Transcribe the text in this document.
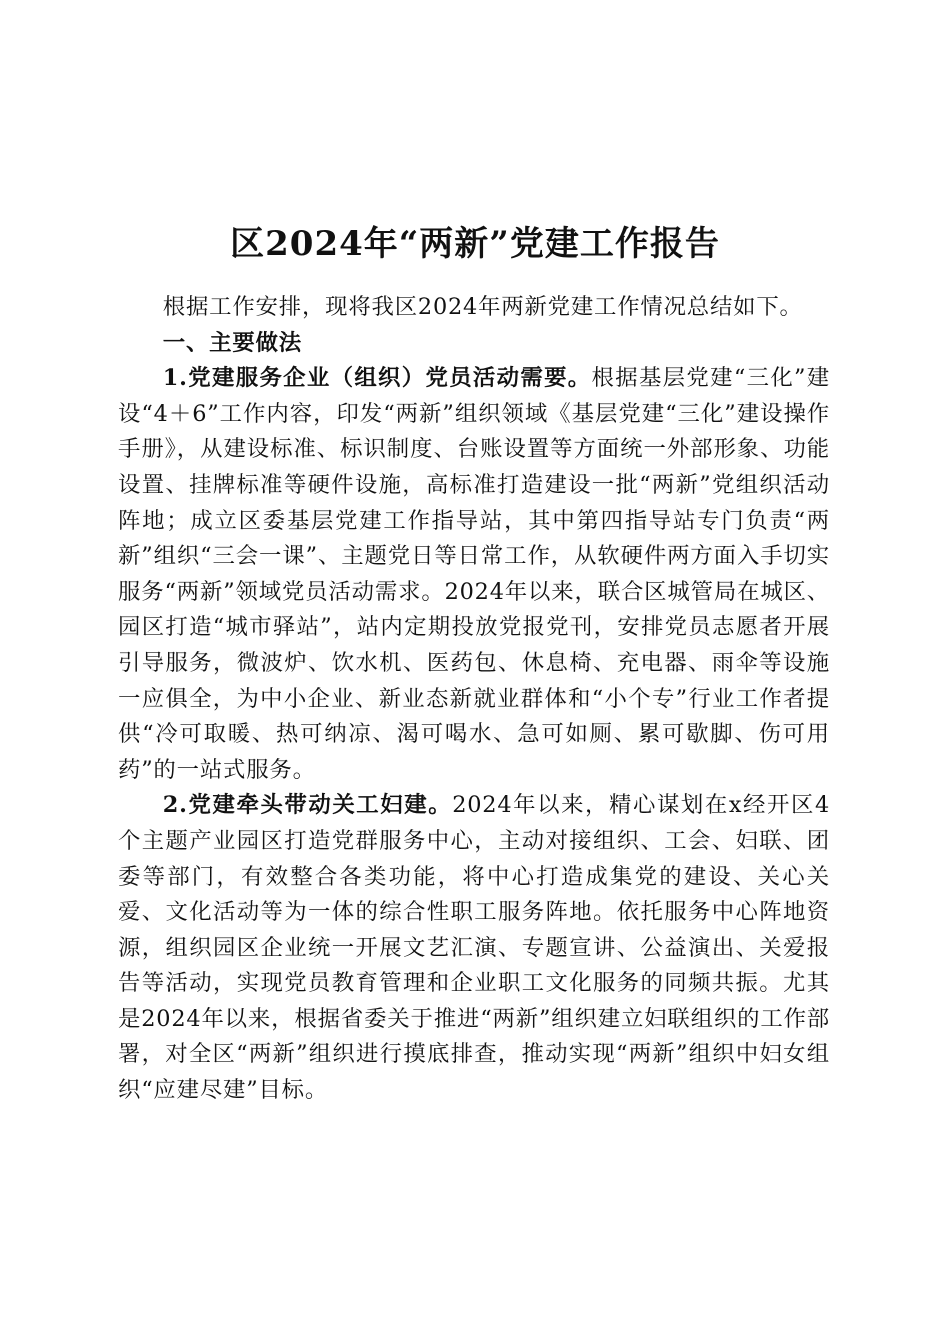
区2024年“两新”党建工作报告

根据工作安排，现将我区2024年两新党建工作情况总结如下。

一、主要做法

1.党建服务企业（组织）党员活动需要。根据基层党建“三化”建设“4＋6”工作内容，印发“两新”组织领域《基层党建“三化”建设操作手册》，从建设标准、标识制度、台账设置等方面统一外部形象、功能设置、挂牌标准等硬件设施，高标准打造建设一批“两新”党组织活动阵地；成立区委基层党建工作指导站，其中第四指导站专门负责“两新”组织“三会一课”、主题党日等日常工作，从软硬件两方面入手切实服务“两新”领域党员活动需求。2024年以来，联合区城管局在城区、园区打造“城市驿站”，站内定期投放党报党刊，安排党员志愿者开展引导服务，微波炉、饮水机、医药包、休息椅、充电器、雨伞等设施一应俱全，为中小企业、新业态新就业群体和“小个专”行业工作者提供“冷可取暖、热可纳凉、渴可喝水、急可如厕、累可歇脚、伤可用药”的一站式服务。

2.党建牵头带动关工妇建。2024年以来，精心谋划在x经开区4个主题产业园区打造党群服务中心，主动对接组织、工会、妇联、团委等部门，有效整合各类功能，将中心打造成集党的建设、关心关爱、文化活动等为一体的综合性职工服务阵地。依托服务中心阵地资源，组织园区企业统一开展文艺汇演、专题宣讲、公益演出、关爱报告等活动，实现党员教育管理和企业职工文化服务的同频共振。尤其是2024年以来，根据省委关于推进“两新”组织建立妇联组织的工作部署，对全区“两新”组织进行摸底排查，推动实现“两新”组织中妇女组织“应建尽建”目标。
